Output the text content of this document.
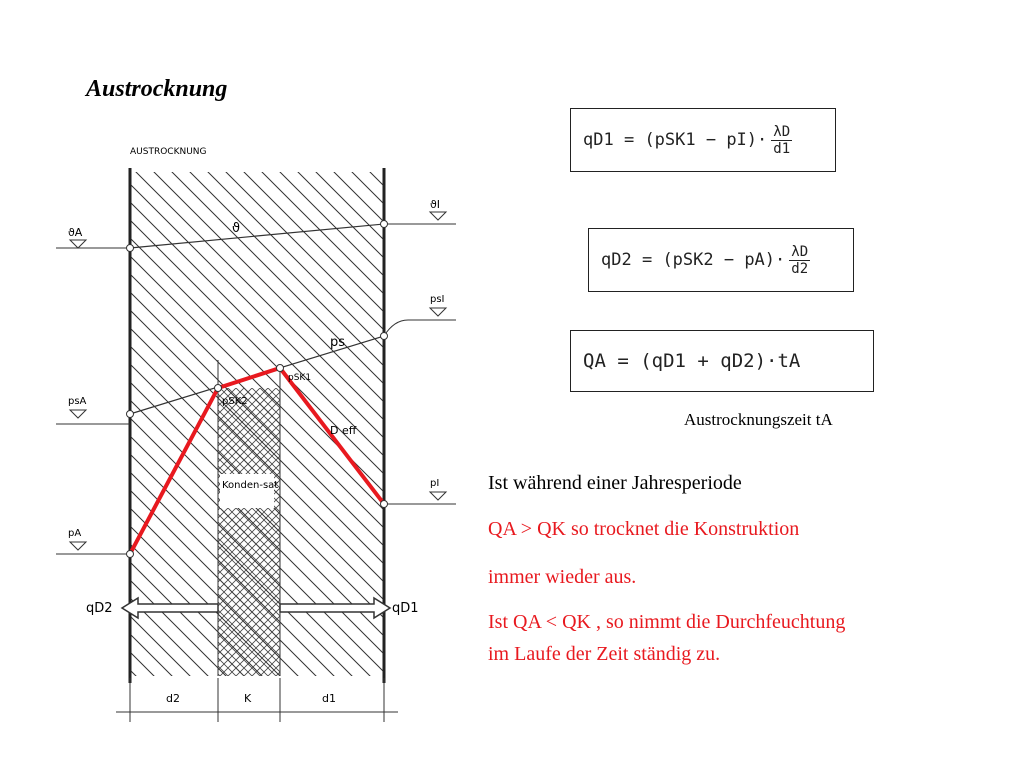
Austrocknung
AUSTROCKNUNG
ϑA
ϑI
ϑ
psA
psI
ps
pA
pI
pSK1
pSK2
D eff
Konden-sat
qD2	qD1
d2	K	d1
qD1
= $(pSK1 - pI)\cdot \frac{\lambda D}{d1}$
qD2
= $(pSK2 - pA)\cdot \frac{\lambda D}{d2}$
QA = (qD1 + qD2)·tA
Austrocknungszeit tA
Ist während einer Jahresperiode
QA > QK so trocknet die Konstruktion
immer wieder aus.
Ist QA < QK , so nimmt die Durchfeuchtung
im Laufe der Zeit ständig zu.
